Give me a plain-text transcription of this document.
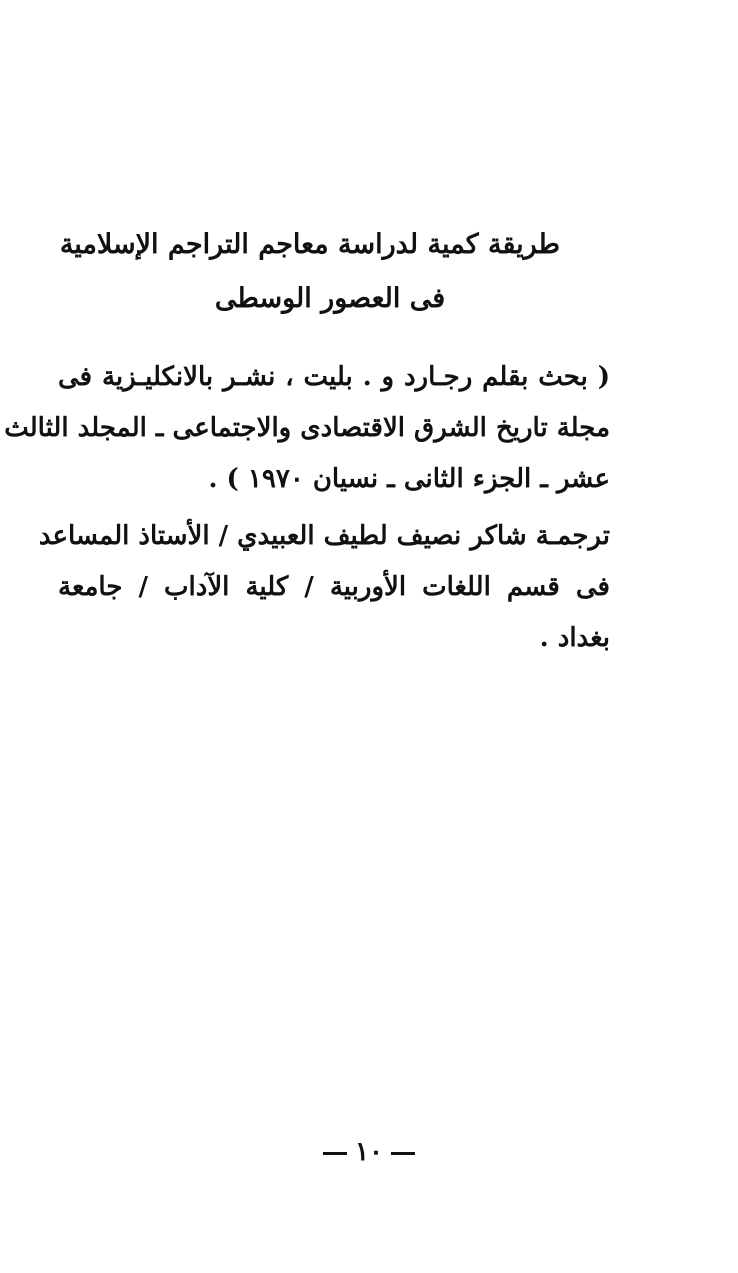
طريقة كمية لدراسة معاجم التراجم الإسلامية
فى العصور الوسطى
( بحث بقلم رجـارد و . بليت ، نشـر بالانكليـزية فى
مجلة تاريخ الشرق الاقتصادى والاجتماعى ـ المجلد الثالث
عشر ـ الجزء الثانى ـ نسيان ١٩٧٠ ) .
ترجمـة شاكر نصيف لطيف العبيدي / الأستاذ المساعد
فى قسم اللغات الأوربية / كلية الآداب / جامعة
بغداد .
١٠
